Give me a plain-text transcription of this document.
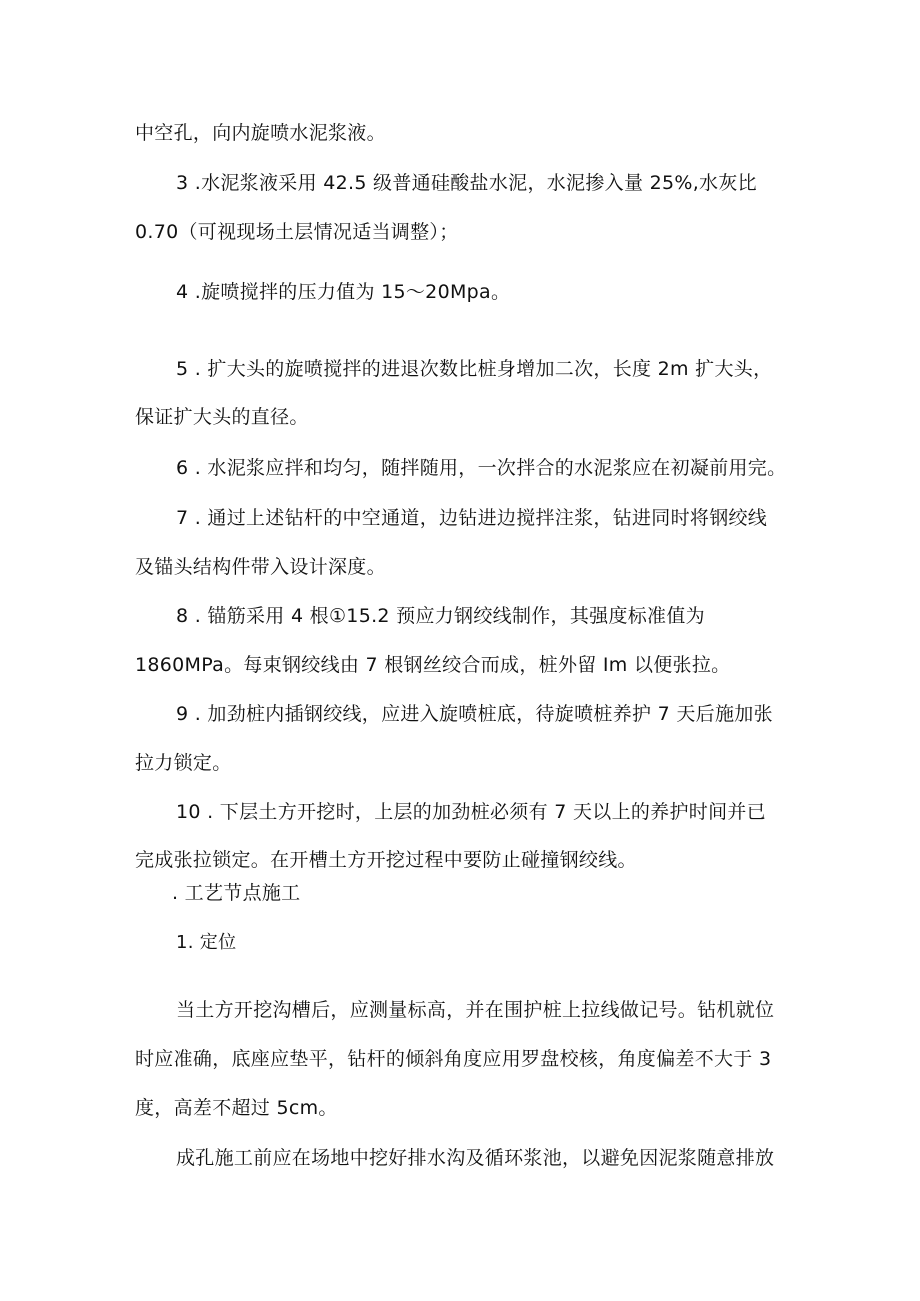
中空孔，向内旋喷水泥浆液。
3 .水泥浆液采用 42.5 级普通硅酸盐水泥，水泥掺入量 25%,水灰比
0.70（可视现场土层情况适当调整）；
4 .旋喷搅拌的压力值为 15～20Mpa。
5 . 扩大头的旋喷搅拌的进退次数比桩身增加二次，长度 2m 扩大头，
保证扩大头的直径。
6 . 水泥浆应拌和均匀，随拌随用，一次拌合的水泥浆应在初凝前用完。
7 . 通过上述钻杆的中空通道，边钻进边搅拌注浆，钻进同时将钢绞线
及锚头结构件带入设计深度。
8 . 锚筋采用 4 根①15.2 预应力钢绞线制作，其强度标准值为
1860MPa。每束钢绞线由 7 根钢丝绞合而成，桩外留 Im 以便张拉。
9 . 加劲桩内插钢绞线，应进入旋喷桩底，待旋喷桩养护 7 天后施加张
拉力锁定。
10 . 下层土方开挖时，上层的加劲桩必须有 7 天以上的养护时间并已
完成张拉锁定。在开槽土方开挖过程中要防止碰撞钢绞线。
. 工艺节点施工
1. 定位
当土方开挖沟槽后，应测量标高，并在围护桩上拉线做记号。钻机就位
时应准确，底座应垫平，钻杆的倾斜角度应用罗盘校核，角度偏差不大于 3
度，高差不超过 5cm。
成孔施工前应在场地中挖好排水沟及循环浆池，以避免因泥浆随意排放
